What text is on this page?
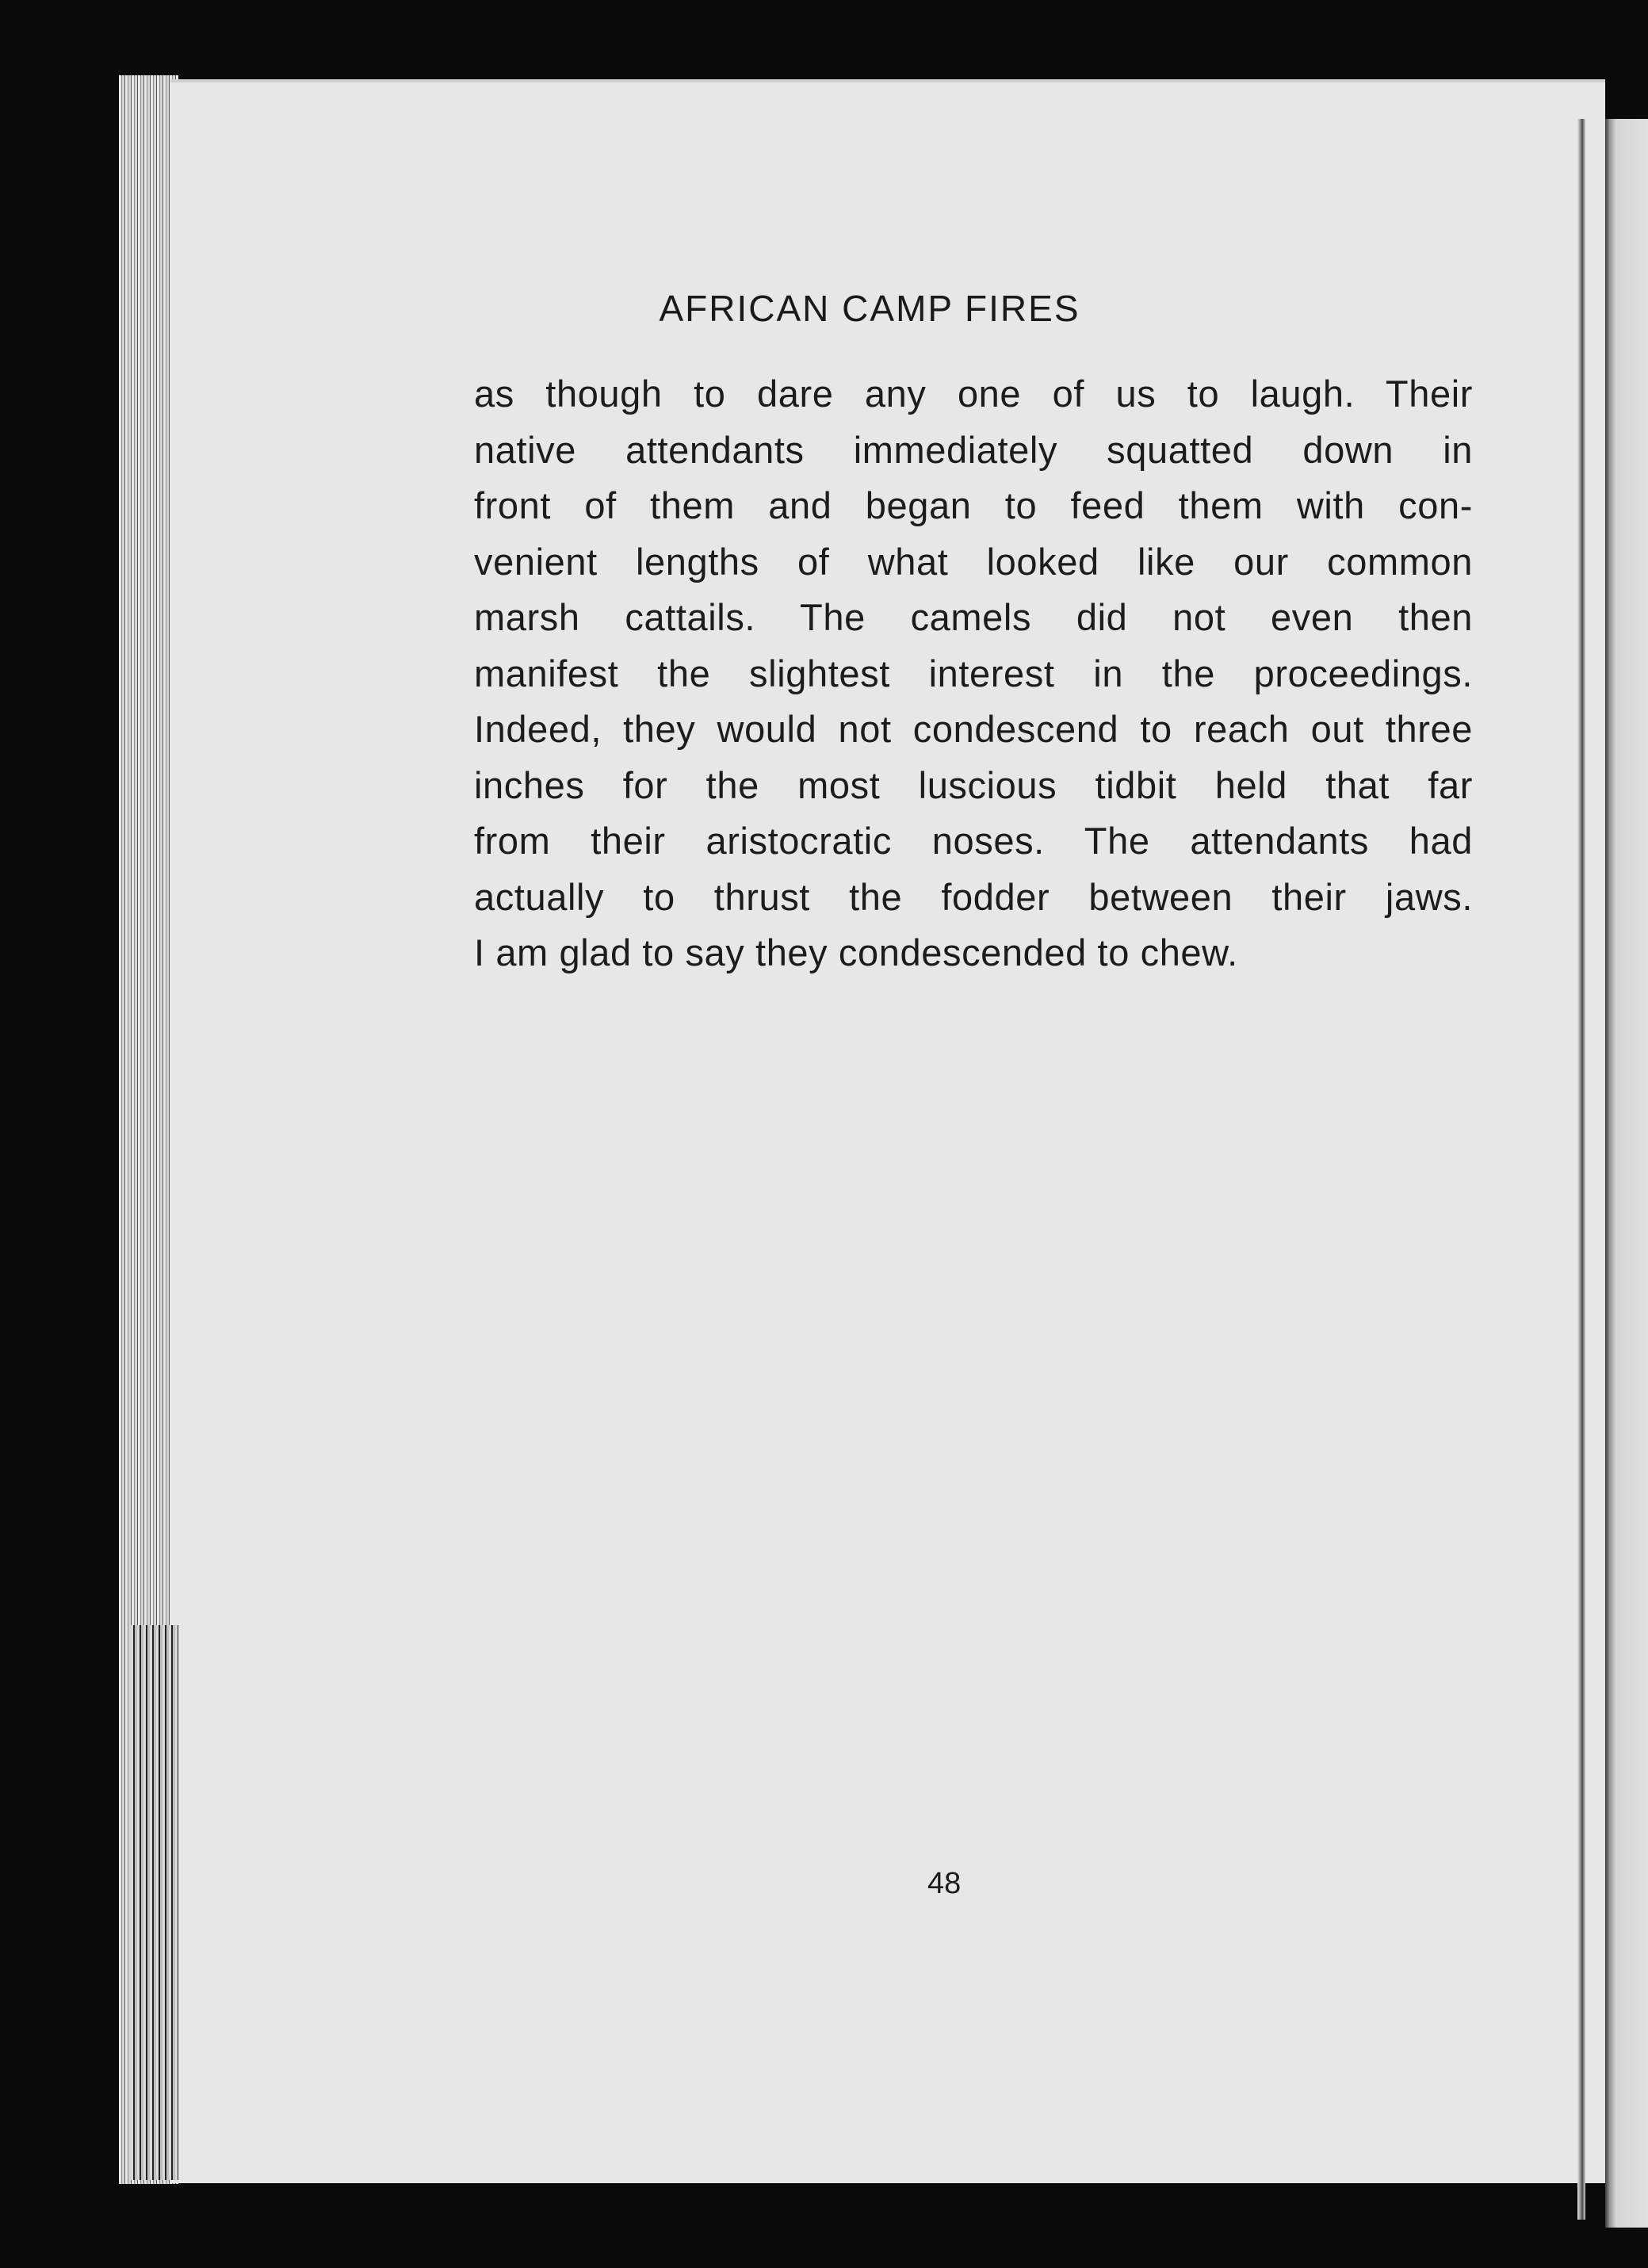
AFRICAN CAMP FIRES
as though to dare any one of us to laugh. Their
native attendants immediately squatted down in
front of them and began to feed them with con-
venient lengths of what looked like our common
marsh cattails. The camels did not even then
manifest the slightest interest in the proceedings.
Indeed, they would not condescend to reach out three
inches for the most luscious tidbit held that far
from their aristocratic noses. The attendants had
actually to thrust the fodder between their jaws.
I am glad to say they condescended to chew.
48
